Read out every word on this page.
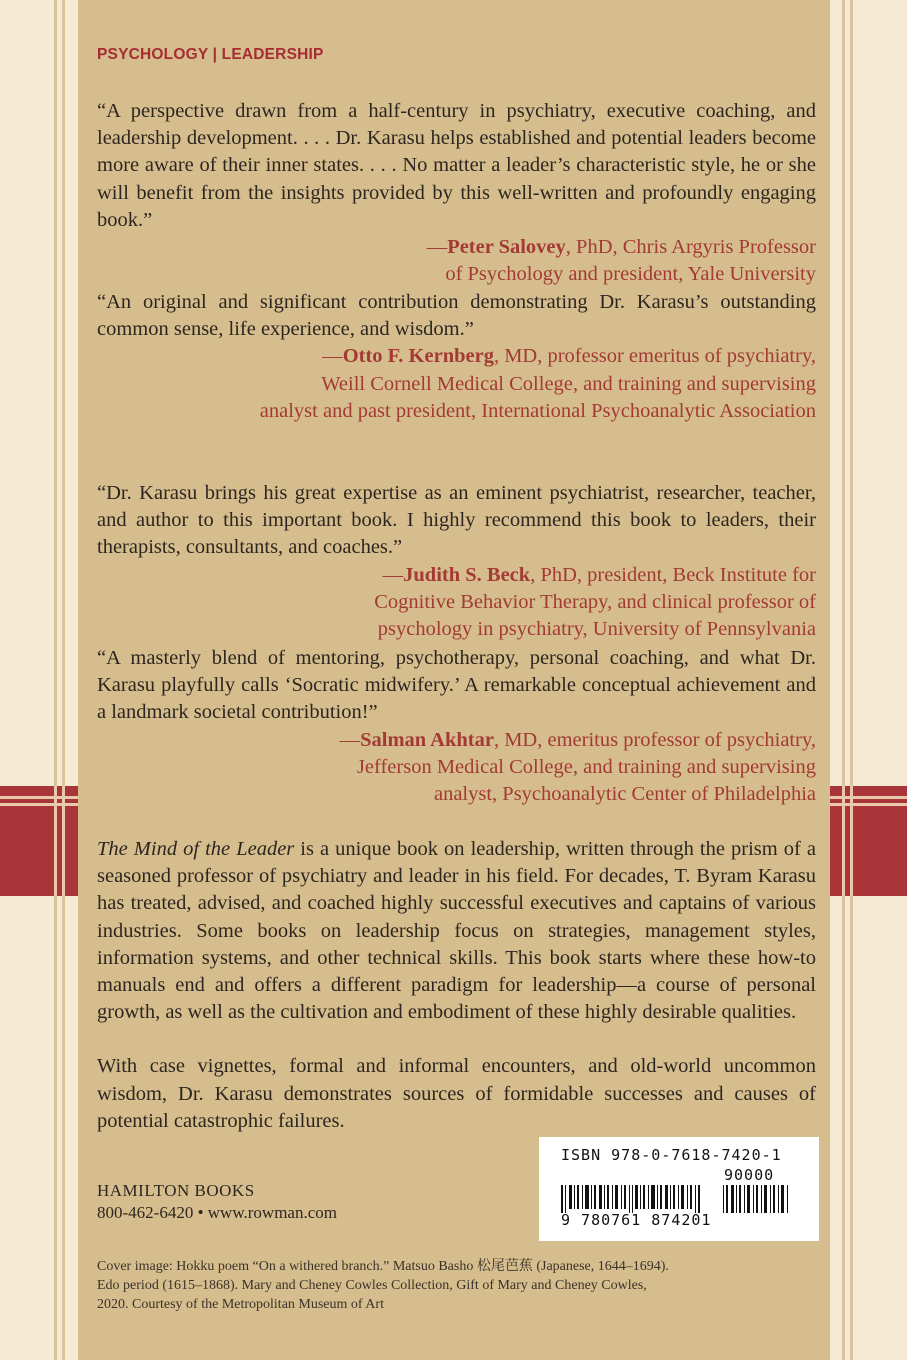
PSYCHOLOGY | LEADERSHIP

“A perspective drawn from a half-century in psychiatry, executive coaching, and leadership development. . . . Dr. Karasu helps established and potential leaders become more aware of their inner states. . . . No matter a leader’s characteristic style, he or she will benefit from the insights provided by this well-written and profoundly engaging book.”

—Peter Salovey, PhD, Chris Argyris Professor
of Psychology and president, Yale University

“An original and significant contribution demonstrating Dr. Karasu’s outstanding common sense, life experience, and wisdom.”

—Otto F. Kernberg, MD, professor emeritus of psychiatry,
Weill Cornell Medical College, and training and supervising
analyst and past president, International Psychoanalytic Association

“Dr. Karasu brings his great expertise as an eminent psychiatrist, researcher, teacher, and author to this important book. I highly recommend this book to leaders, their therapists, consultants, and coaches.”

—Judith S. Beck, PhD, president, Beck Institute for
Cognitive Behavior Therapy, and clinical professor of
psychology in psychiatry, University of Pennsylvania

“A masterly blend of mentoring, psychotherapy, personal coaching, and what Dr. Karasu playfully calls ‘Socratic midwifery.’ A remarkable conceptual achievement and a landmark societal contribution!”

—Salman Akhtar, MD, emeritus professor of psychiatry,
Jefferson Medical College, and training and supervising
analyst, Psychoanalytic Center of Philadelphia

The Mind of the Leader is a unique book on leadership, written through the prism of a seasoned professor of psychiatry and leader in his field. For decades, T. Byram Karasu has treated, advised, and coached highly successful executives and captains of various industries. Some books on leadership focus on strategies, management styles, information systems, and other technical skills. This book starts where these how-to manuals end and offers a different paradigm for leadership—a course of personal growth, as well as the cultivation and embodiment of these highly desirable qualities.

With case vignettes, formal and informal encounters, and old-world uncommon wisdom, Dr. Karasu demonstrates sources of formidable successes and causes of potential catastrophic failures.

HAMILTON BOOKS
800-462-6420 • www.rowman.com
ISBN 978-0-7618-7420-1
90000
9 780761 874201
Cover image: Hokku poem “On a withered branch.” Matsuo Basho 松尾芭蕉 (Japanese, 1644–1694).
Edo period (1615–1868). Mary and Cheney Cowles Collection, Gift of Mary and Cheney Cowles,
2020. Courtesy of the Metropolitan Museum of Art
